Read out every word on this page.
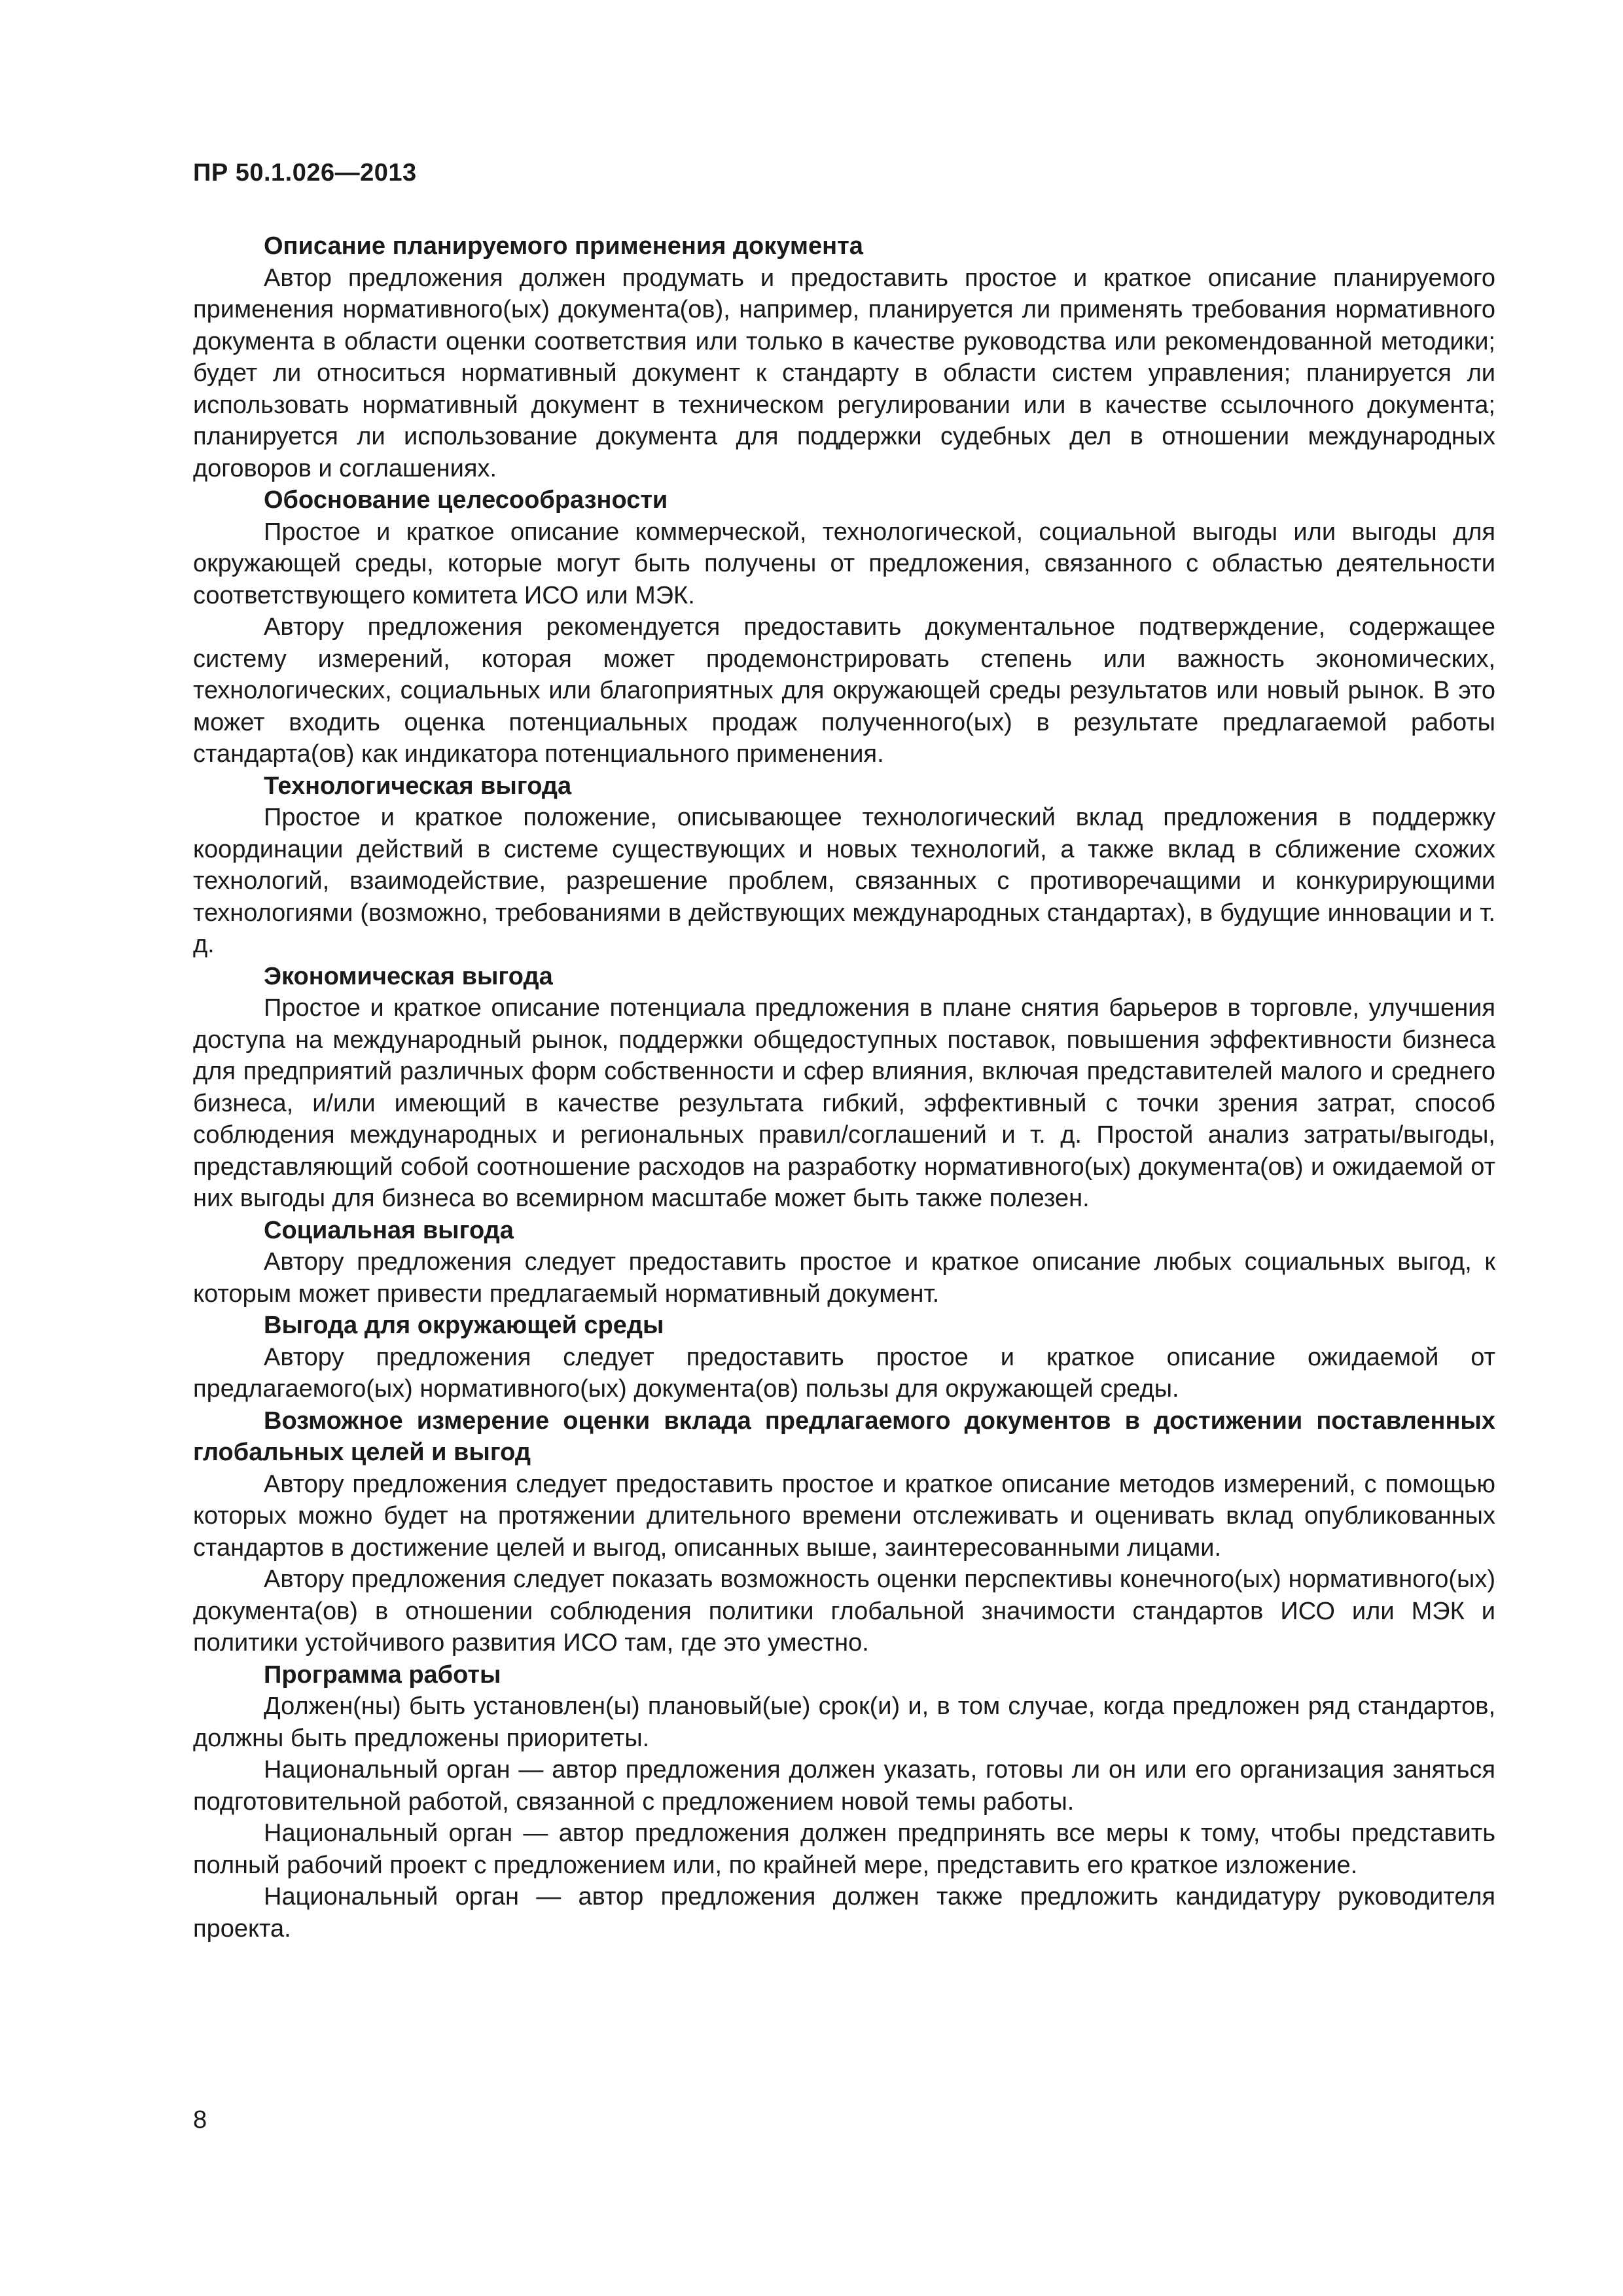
ПР 50.1.026—2013
Описание планируемого применения документа

Автор предложения должен продумать и предоставить простое и краткое описание планируемого применения нормативного(ых) документа(ов), например, планируется ли применять требования нормативного документа в области оценки соответствия или только в качестве руководства или рекомендованной методики; будет ли относиться нормативный документ к стандарту в области систем управления; планируется ли использовать нормативный документ в техническом регулировании или в качестве ссылочного документа; планируется ли использование документа для поддержки судебных дел в отношении международных договоров и соглашениях.

Обоснование целесообразности

Простое и краткое описание коммерческой, технологической, социальной выгоды или выгоды для окружающей среды, которые могут быть получены от предложения, связанного с областью деятельности соответствующего комитета ИСО или МЭК.

Автору предложения рекомендуется предоставить документальное подтверждение, содержащее систему измерений, которая может продемонстрировать степень или важность экономических, технологических, социальных или благоприятных для окружающей среды результатов или новый рынок. В это может входить оценка потенциальных продаж полученного(ых) в результате предлагаемой работы стандарта(ов) как индикатора потенциального применения.

Технологическая выгода

Простое и краткое положение, описывающее технологический вклад предложения в поддержку координации действий в системе существующих и новых технологий, а также вклад в сближение схожих технологий, взаимодействие, разрешение проблем, связанных с противоречащими и конкурирующими технологиями (возможно, требованиями в действующих международных стандартах), в будущие инновации и т. д.

Экономическая выгода

Простое и краткое описание потенциала предложения в плане снятия барьеров в торговле, улучшения доступа на международный рынок, поддержки общедоступных поставок, повышения эффективности бизнеса для предприятий различных форм собственности и сфер влияния, включая представителей малого и среднего бизнеса, и/или имеющий в качестве результата гибкий, эффективный с точки зрения затрат, способ соблюдения международных и региональных правил/соглашений и т. д. Простой анализ затраты/выгоды, представляющий собой соотношение расходов на разработку нормативного(ых) документа(ов) и ожидаемой от них выгоды для бизнеса во всемирном масштабе может быть также полезен.

Социальная выгода

Автору предложения следует предоставить простое и краткое описание любых социальных выгод, к которым может привести предлагаемый нормативный документ.

Выгода для окружающей среды

Автору предложения следует предоставить простое и краткое описание ожидаемой от предлагаемого(ых) нормативного(ых) документа(ов) пользы для окружающей среды.

Возможное измерение оценки вклада предлагаемого документов в достижении поставленных глобальных целей и выгод

Автору предложения следует предоставить простое и краткое описание методов измерений, с помощью которых можно будет на протяжении длительного времени отслеживать и оценивать вклад опубликованных стандартов в достижение целей и выгод, описанных выше, заинтересованными лицами.

Автору предложения следует показать возможность оценки перспективы конечного(ых) нормативного(ых) документа(ов) в отношении соблюдения политики глобальной значимости стандартов ИСО или МЭК и политики устойчивого развития ИСО там, где это уместно.

Программа работы

Должен(ны) быть установлен(ы) плановый(ые) срок(и) и, в том случае, когда предложен ряд стандартов, должны быть предложены приоритеты.

Национальный орган — автор предложения должен указать, готовы ли он или его организация заняться подготовительной работой, связанной с предложением новой темы работы.

Национальный орган — автор предложения должен предпринять все меры к тому, чтобы представить полный рабочий проект с предложением или, по крайней мере, представить его краткое изложение.

Национальный орган — автор предложения должен также предложить кандидатуру руководителя проекта.

8
